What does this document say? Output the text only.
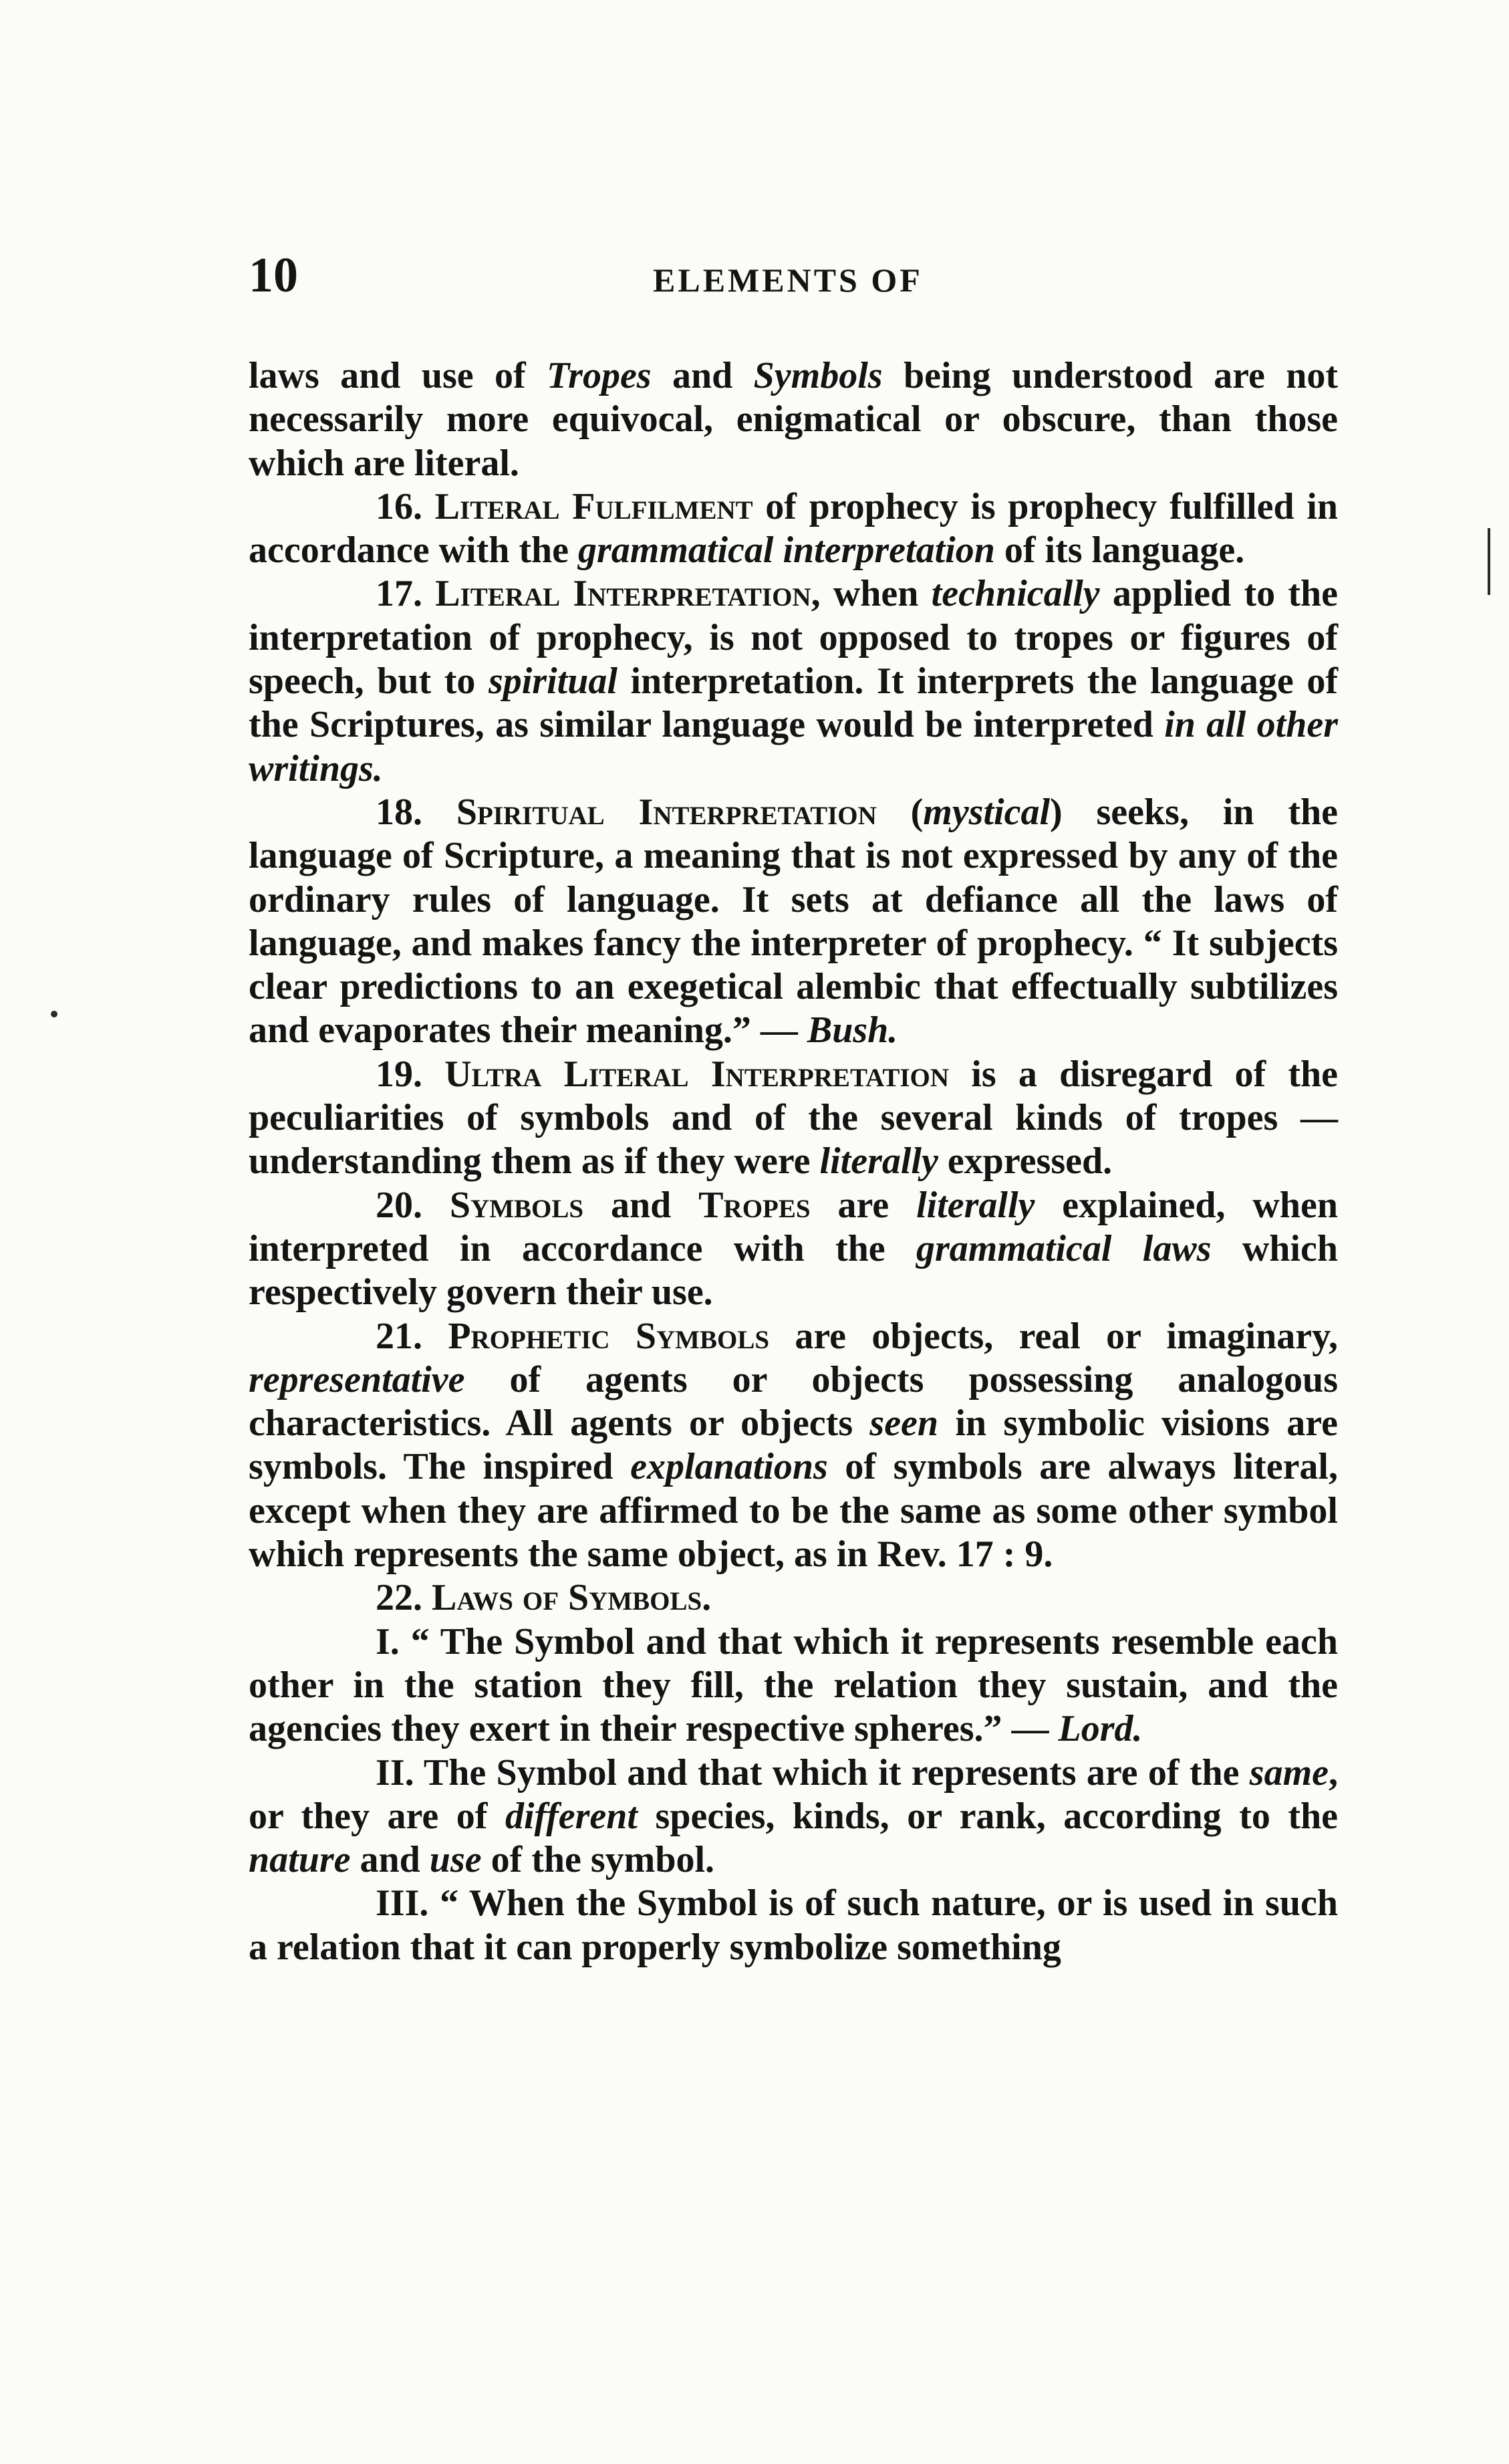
10	ELEMENTS OF

laws and use of Tropes and Symbols being understood are not necessarily more equivocal, enigmatical or obscure, than those which are literal.

16. Literal Fulfilment of prophecy is prophecy fulfilled in accordance with the grammatical interpretation of its language.

17. Literal Interpretation, when technically applied to the interpretation of prophecy, is not opposed to tropes or figures of speech, but to spiritual interpretation. It interprets the language of the Scriptures, as similar language would be interpreted in all other writings.

18. Spiritual Interpretation (mystical) seeks, in the language of Scripture, a meaning that is not expressed by any of the ordinary rules of language. It sets at defiance all the laws of language, and makes fancy the interpreter of prophecy. “ It subjects clear predictions to an exegetical alembic that effectually subtilizes and evaporates their meaning.” — Bush.

19. Ultra Literal Interpretation is a disregard of the peculiarities of symbols and of the several kinds of tropes — understanding them as if they were literally expressed.

20. Symbols and Tropes are literally explained, when interpreted in accordance with the grammatical laws which respectively govern their use.

21. Prophetic Symbols are objects, real or imaginary, representative of agents or objects possessing analogous characteristics. All agents or objects seen in symbolic visions are symbols. The inspired explanations of symbols are always literal, except when they are affirmed to be the same as some other symbol which represents the same object, as in Rev. 17 : 9.

22. Laws of Symbols.

I. “ The Symbol and that which it represents resemble each other in the station they fill, the relation they sustain, and the agencies they exert in their respective spheres.” — Lord.

II. The Symbol and that which it represents are of the same, or they are of different species, kinds, or rank, according to the nature and use of the symbol.

III. “ When the Symbol is of such nature, or is used in such a relation that it can properly symbolize something
